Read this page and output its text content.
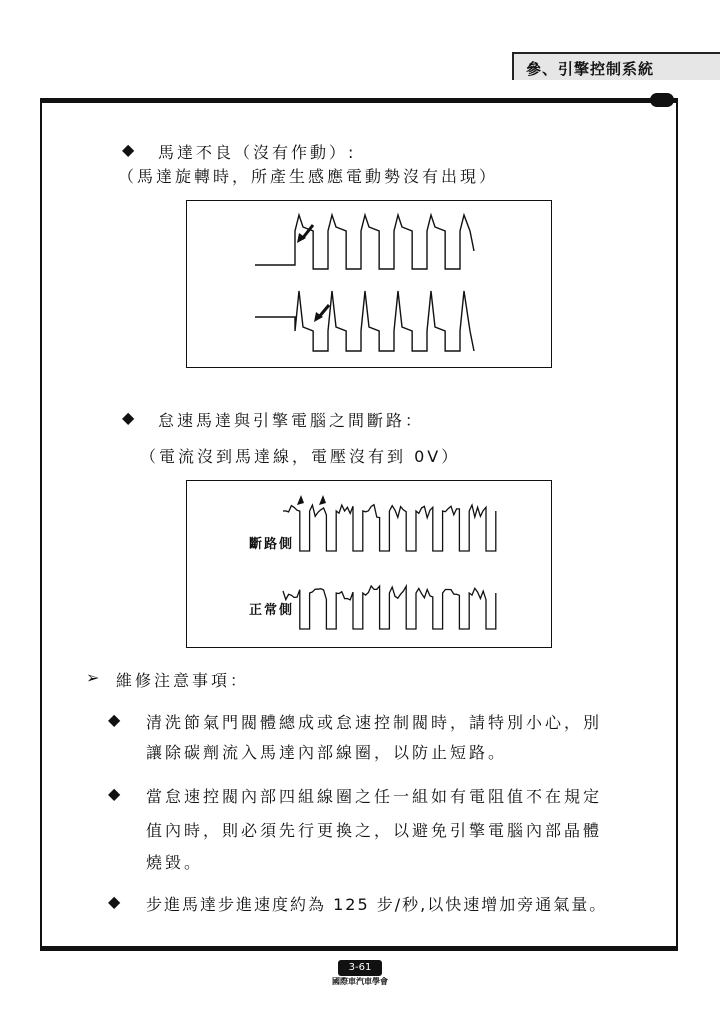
參、引擎控制系統
◆ 馬達不良（沒有作動）:
（馬達旋轉時，所產生感應電動勢沒有出現）
◆ 怠速馬達與引擎電腦之間斷路：
（電流沒到馬達線，電壓沒有到 0V）
斷路側
正常側
➢ 維修注意事項：
◆ 清洗節氣門閥體總成或怠速控制閥時，請特別小心，別
讓除碳劑流入馬達內部線圈，以防止短路。
◆ 當怠速控閥內部四組線圈之任一組如有電阻值不在規定
值內時，則必須先行更換之，以避免引擎電腦內部晶體
燒毀。
◆ 步進馬達步進速度約為 125 步/秒,以快速增加旁通氣量。
3-61
國際車汽車學會
